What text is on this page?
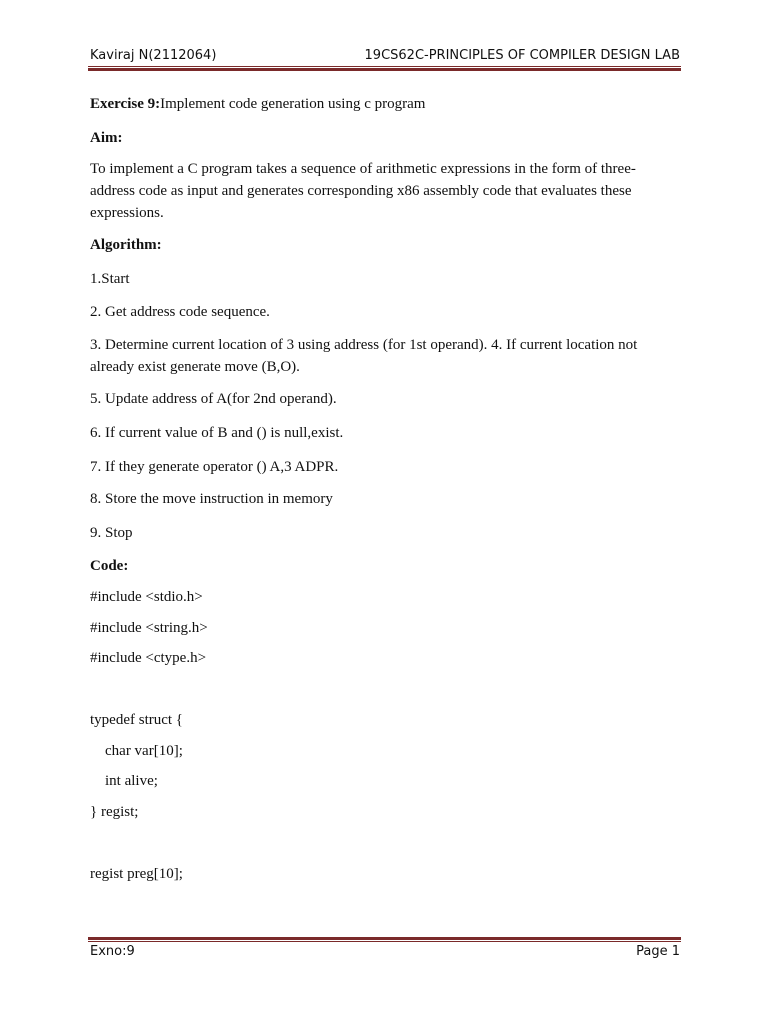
Kaviraj N(2112064)	19CS62C-PRINCIPLES OF COMPILER DESIGN LAB
Exercise 9:Implement code generation using c program
Aim:
To implement a C program takes a sequence of arithmetic expressions in the form of three-address code as input and generates corresponding x86 assembly code that evaluates these expressions.
Algorithm:
1.Start
2. Get address code sequence.
3. Determine current location of 3 using address (for 1st operand). 4. If current location not already exist generate move (B,O).
5. Update address of A(for 2nd operand).
6. If current value of B and () is null,exist.
7. If they generate operator () A,3 ADPR.
8. Store the move instruction in memory
9. Stop
Code:
#include <stdio.h>
#include <string.h>
#include <ctype.h>
typedef struct {
char var[10];
int alive;
} regist;
regist preg[10];
Exno:9	Page 1
